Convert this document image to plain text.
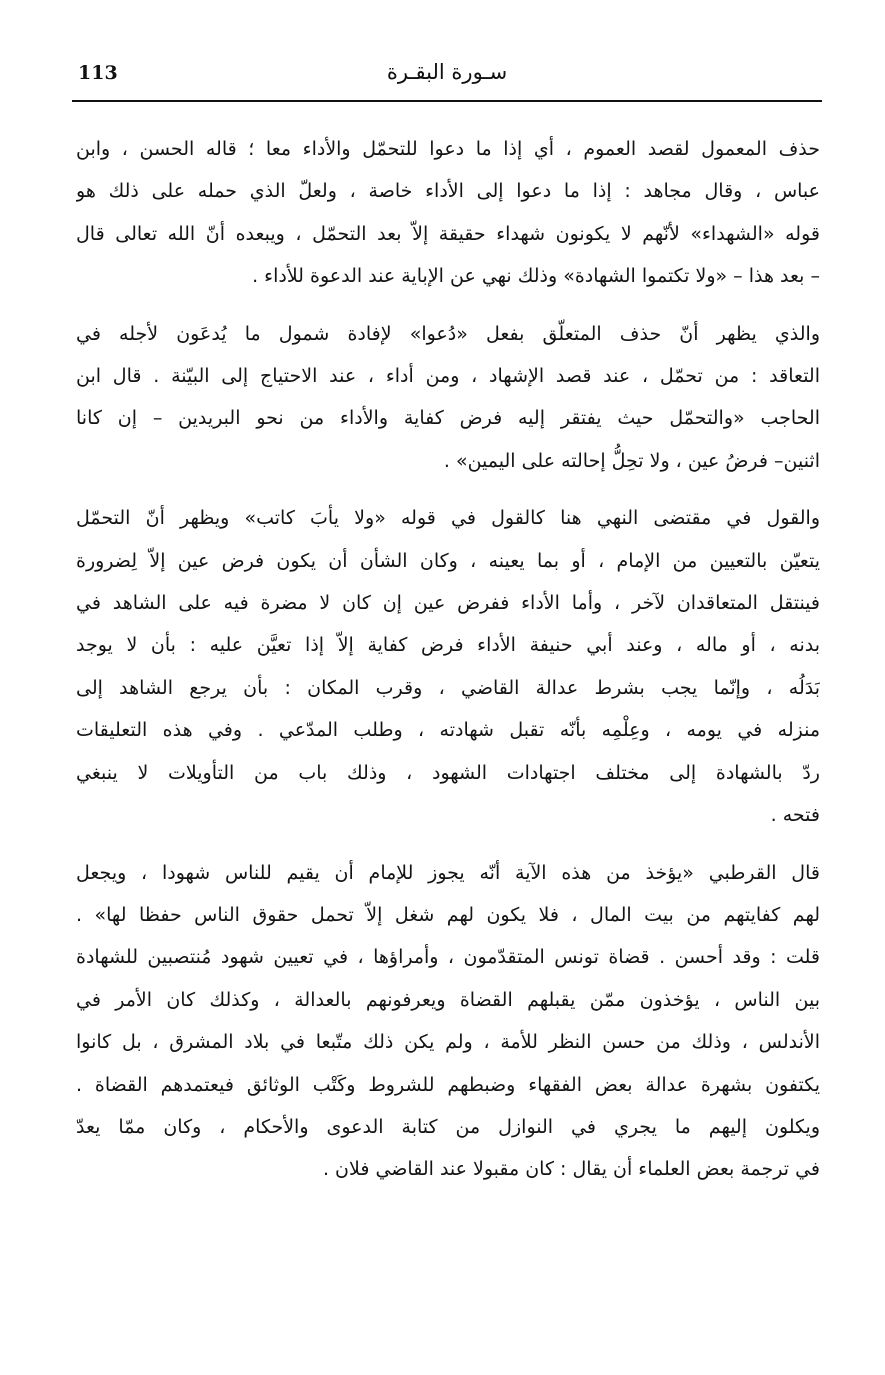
113	سـورة البقـرة

حذف المعمول لقصد العموم ، أي إذا ما دعوا للتحمّل والأداء معا ؛ قاله الحسن ، وابن
عباس ، وقال مجاهد : إذا ما دعوا إلى الأداء خاصة ، ولعلّ الذي حمله على ذلك هو
قوله «الشهداء» لأنّهم لا يكونون شهداء حقيقة إلاّ بعد التحمّل ، ويبعده أنّ الله تعالى قال
– بعد هذا – «ولا تكتموا الشهادة» وذلك نهي عن الإباية عند الدعوة للأداء .

والذي يظهر أنّ حذف المتعلّق بفعل «دُعوا» لإفادة شمول ما يُدعَون لأجله في
التعاقد : من تحمّل ، عند قصد الإشهاد ، ومن أداء ، عند الاحتياج إلى البيّنة . قال ابن
الحاجب «والتحمّل حيث يفتقر إليه فرض كفاية والأداء من نحو البريدين – إن كانا
اثنين– فرضُ عين ، ولا تحِلُّ إحالته على اليمين» .

والقول في مقتضى النهي هنا كالقول في قوله «ولا يأبَ كاتب» ويظهر أنّ التحمّل
يتعيّن بالتعيين من الإمام ، أو بما يعينه ، وكان الشأن أن يكون فرض عين إلاّ لِضرورة
فينتقل المتعاقدان لآخر ، وأما الأداء ففرض عين إن كان لا مضرة فيه على الشاهد في
بدنه ، أو ماله ، وعند أبي حنيفة الأداء فرض كفاية إلاّ إذا تعيَّن عليه : بأن لا يوجد
بَدَلُه ، وإنّما يجب بشرط عدالة القاضي ، وقرب المكان : بأن يرجع الشاهد إلى
منزله في يومه ، وعِلْمِه بأنّه تقبل شهادته ، وطلب المدّعي . وفي هذه التعليقات
ردّ بالشهادة إلى مختلف اجتهادات الشهود ، وذلك باب من التأويلات لا ينبغي
فتحه .

قال القرطبي «يؤخذ من هذه الآية أنّه يجوز للإمام أن يقيم للناس شهودا ، ويجعل
لهم كفايتهم من بيت المال ، فلا يكون لهم شغل إلاّ تحمل حقوق الناس حفظا لها» .
قلت : وقد أحسن . قضاة تونس المتقدّمون ، وأمراؤها ، في تعيين شهود مُنتصبين للشهادة
بين الناس ، يؤخذون ممّن يقبلهم القضاة ويعرفونهم بالعدالة ، وكذلك كان الأمر في
الأندلس ، وذلك من حسن النظر للأمة ، ولم يكن ذلك متّبعا في بلاد المشرق ، بل كانوا
يكتفون بشهرة عدالة بعض الفقهاء وضبطهم للشروط وكَتْب الوثائق فيعتمدهم القضاة .
ويكلون إليهم ما يجري في النوازل من كتابة الدعوى والأحكام ، وكان ممّا يعدّ
في ترجمة بعض العلماء أن يقال : كان مقبولا عند القاضي فلان .
